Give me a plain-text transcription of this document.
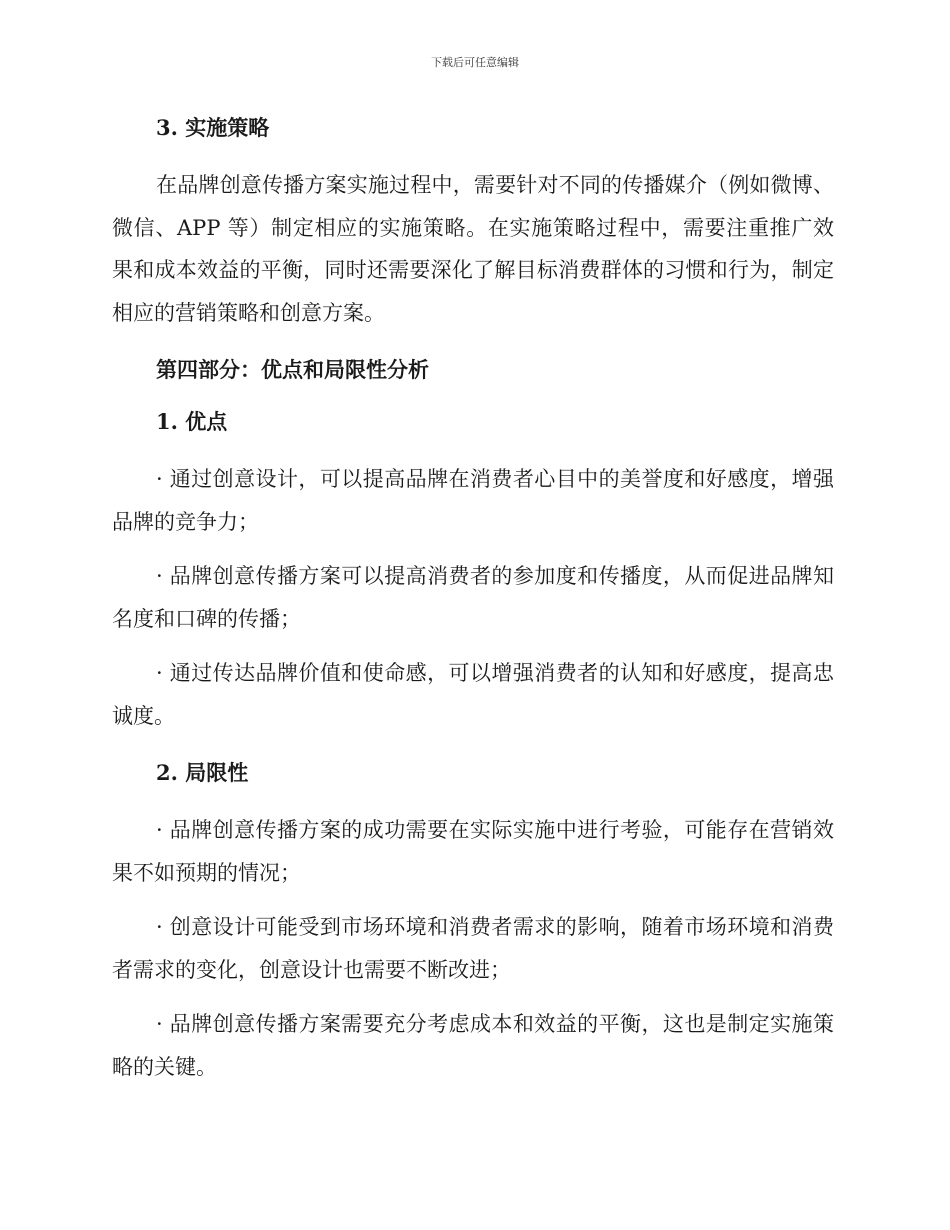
下载后可任意编辑
3. 实施策略

在品牌创意传播方案实施过程中，需要针对不同的传播媒介（例如微博、微信、APP 等）制定相应的实施策略。在实施策略过程中，需要注重推广效果和成本效益的平衡，同时还需要深化了解目标消费群体的习惯和行为，制定相应的营销策略和创意方案。

第四部分：优点和局限性分析
1. 优点

· 通过创意设计，可以提高品牌在消费者心目中的美誉度和好感度，增强品牌的竞争力；

· 品牌创意传播方案可以提高消费者的参加度和传播度，从而促进品牌知名度和口碑的传播；

· 通过传达品牌价值和使命感，可以增强消费者的认知和好感度，提高忠诚度。

2. 局限性

· 品牌创意传播方案的成功需要在实际实施中进行考验，可能存在营销效果不如预期的情况；

· 创意设计可能受到市场环境和消费者需求的影响，随着市场环境和消费者需求的变化，创意设计也需要不断改进；

· 品牌创意传播方案需要充分考虑成本和效益的平衡，这也是制定实施策略的关键。
